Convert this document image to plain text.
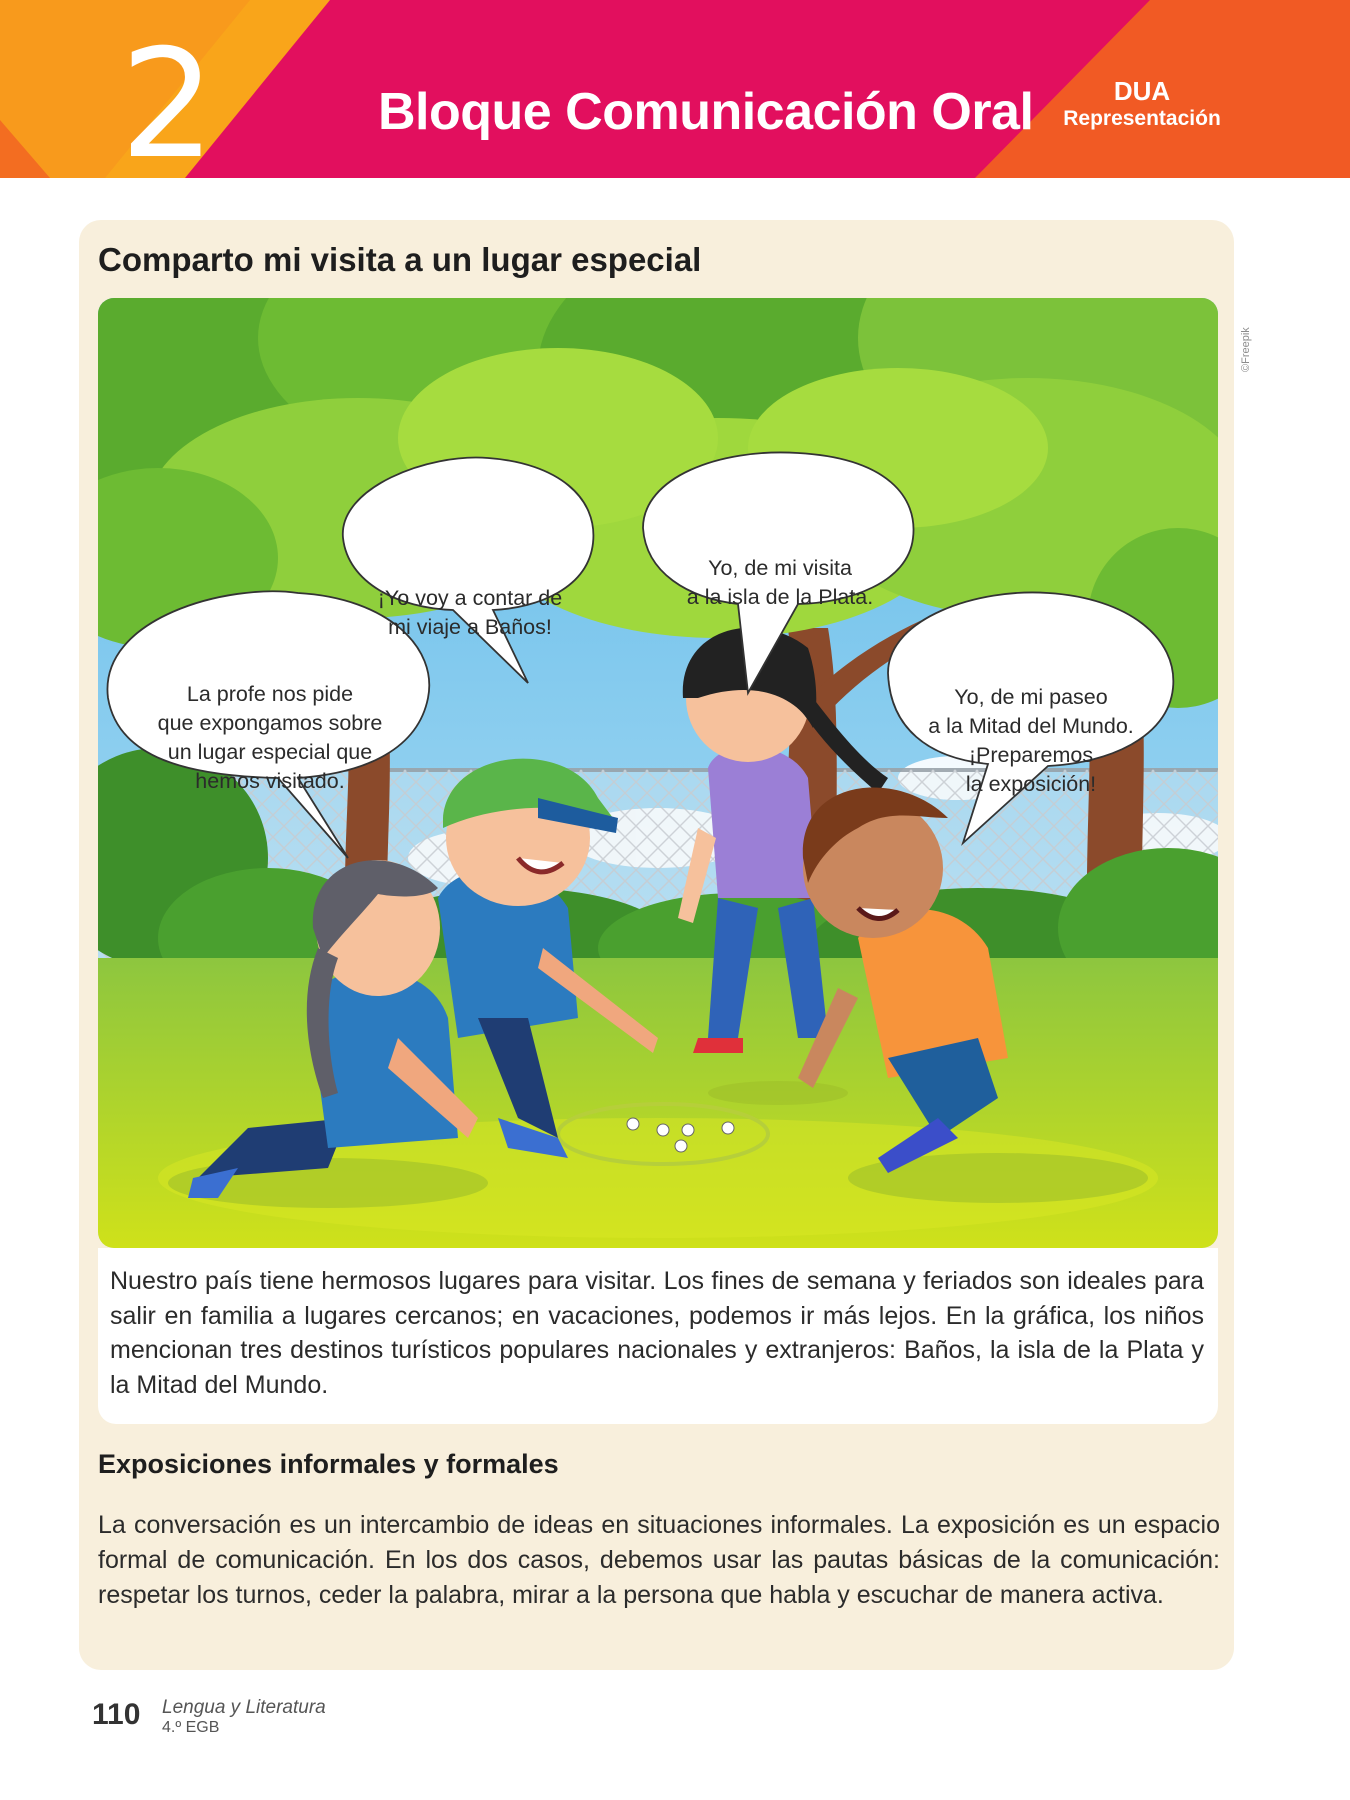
2	Bloque Comunicación Oral	DUA
Representación
Comparto mi visita a un lugar especial
La profe nos pide
que expongamos sobre
un lugar especial que
hemos visitado.
¡Yo voy a contar de
mi viaje a Baños!
Yo, de mi visita
a la isla de la Plata.
Yo, de mi paseo
a la Mitad del Mundo.
¡Preparemos
la exposición!
©Freepik

Nuestro país tiene hermosos lugares para visitar. Los fines de semana y feriados son ideales para salir en familia a lugares cercanos; en vacaciones, podemos ir más lejos. En la gráfica, los niños mencionan tres destinos turísticos populares nacionales y extranjeros: Baños, la isla de la Plata y la Mitad del Mundo.

Exposiciones informales y formales

La conversación es un intercambio de ideas en situaciones informales. La exposición es un espacio formal de comunicación. En los dos casos, debemos usar las pautas básicas de la comunicación: respetar los turnos, ceder la palabra, mirar a la persona que habla y escuchar de manera activa.

110 Lengua y Literatura
4.º EGB
